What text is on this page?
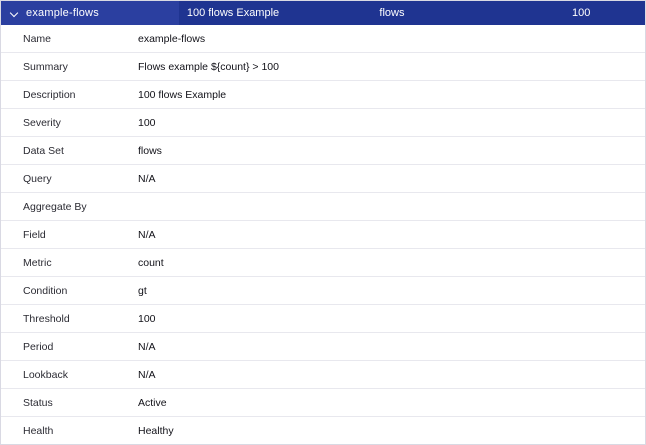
example-flows	100 flows Example	flows	100
Name	example-flows
Summary	Flows example ${count} > 100
Description	100 flows Example
Severity	100
Data Set	flows
Query	N/A
Aggregate By
Field	N/A
Metric	count
Condition	gt
Threshold	100
Period	N/A
Lookback	N/A
Status	Active
Health	Healthy
